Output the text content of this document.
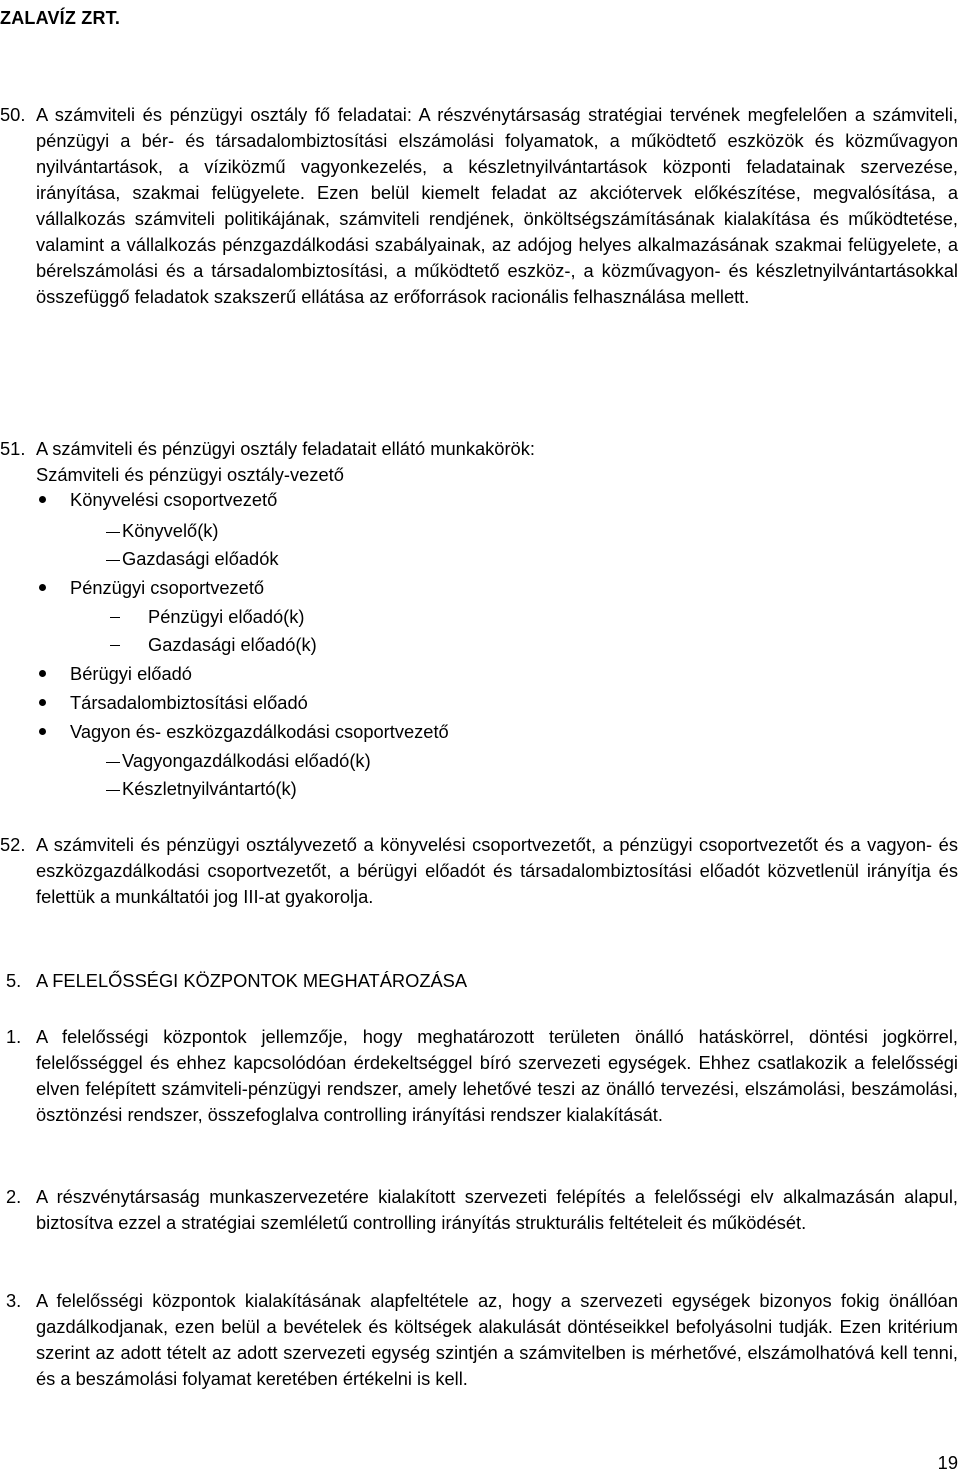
ZALAVÍZ ZRT.
50. A számviteli és pénzügyi osztály fő feladatai: A részvénytársaság stratégiai tervének megfelelően a számviteli, pénzügyi a bér- és társadalombiztosítási elszámolási folyamatok, a működtető eszközök és közművagyon nyilvántartások, a víziközmű vagyonkezelés, a készletnyilvántartások központi feladatainak szervezése, irányítása, szakmai felügyelete. Ezen belül kiemelt feladat az akciótervek előkészítése, megvalósítása, a vállalkozás számviteli politikájának, számviteli rendjének, önköltségszámításának kialakítása és működtetése, valamint a vállalkozás pénzgazdálkodási szabályainak, az adójog helyes alkalmazásának szakmai felügyelete, a bérelszámolási és a társadalombiztosítási, a működtető eszköz-, a közművagyon- és készletnyilvántartásokkal összefüggő feladatok szakszerű ellátása az erőforrások racionális felhasználása mellett.

51. A számviteli és pénzügyi osztály feladatait ellátó munkakörök:

Számviteli és pénzügyi osztály-vezető
Könyvelési csoportvezető
Könyvelő(k)
Gazdasági előadók
Pénzügyi csoportvezető
Pénzügyi előadó(k)
Gazdasági előadó(k)
Bérügyi előadó
Társadalombiztosítási előadó
Vagyon és- eszközgazdálkodási csoportvezető
Vagyongazdálkodási előadó(k)
Készletnyilvántartó(k)
52. A számviteli és pénzügyi osztályvezető a könyvelési csoportvezetőt, a pénzügyi csoportvezetőt és a vagyon- és eszközgazdálkodási csoportvezetőt, a bérügyi előadót és társadalombiztosítási előadót közvetlenül irányítja és felettük a munkáltatói jog III-at gyakorolja.

5. A FELELŐSSÉGI KÖZPONTOK MEGHATÁROZÁSA
1. A felelősségi központok jellemzője, hogy meghatározott területen önálló hatáskörrel, döntési jogkörrel, felelősséggel és ehhez kapcsolódóan érdekeltséggel bíró szervezeti egységek. Ehhez csatlakozik a felelősségi elven felépített számviteli-pénzügyi rendszer, amely lehetővé teszi az önálló tervezési, elszámolási, beszámolási, ösztönzési rendszer, összefoglalva controlling irányítási rendszer kialakítását.

2. A részvénytársaság munkaszervezetére kialakított szervezeti felépítés a felelősségi elv alkalmazásán alapul, biztosítva ezzel a stratégiai szemléletű controlling irányítás strukturális feltételeit és működését.

3. A felelősségi központok kialakításának alapfeltétele az, hogy a szervezeti egységek bizonyos fokig önállóan gazdálkodjanak, ezen belül a bevételek és költségek alakulását döntéseikkel befolyásolni tudják. Ezen kritérium szerint az adott tételt az adott szervezeti egység szintjén a számvitelben is mérhetővé, elszámolhatóvá kell tenni, és a beszámolási folyamat keretében értékelni is kell.

19
